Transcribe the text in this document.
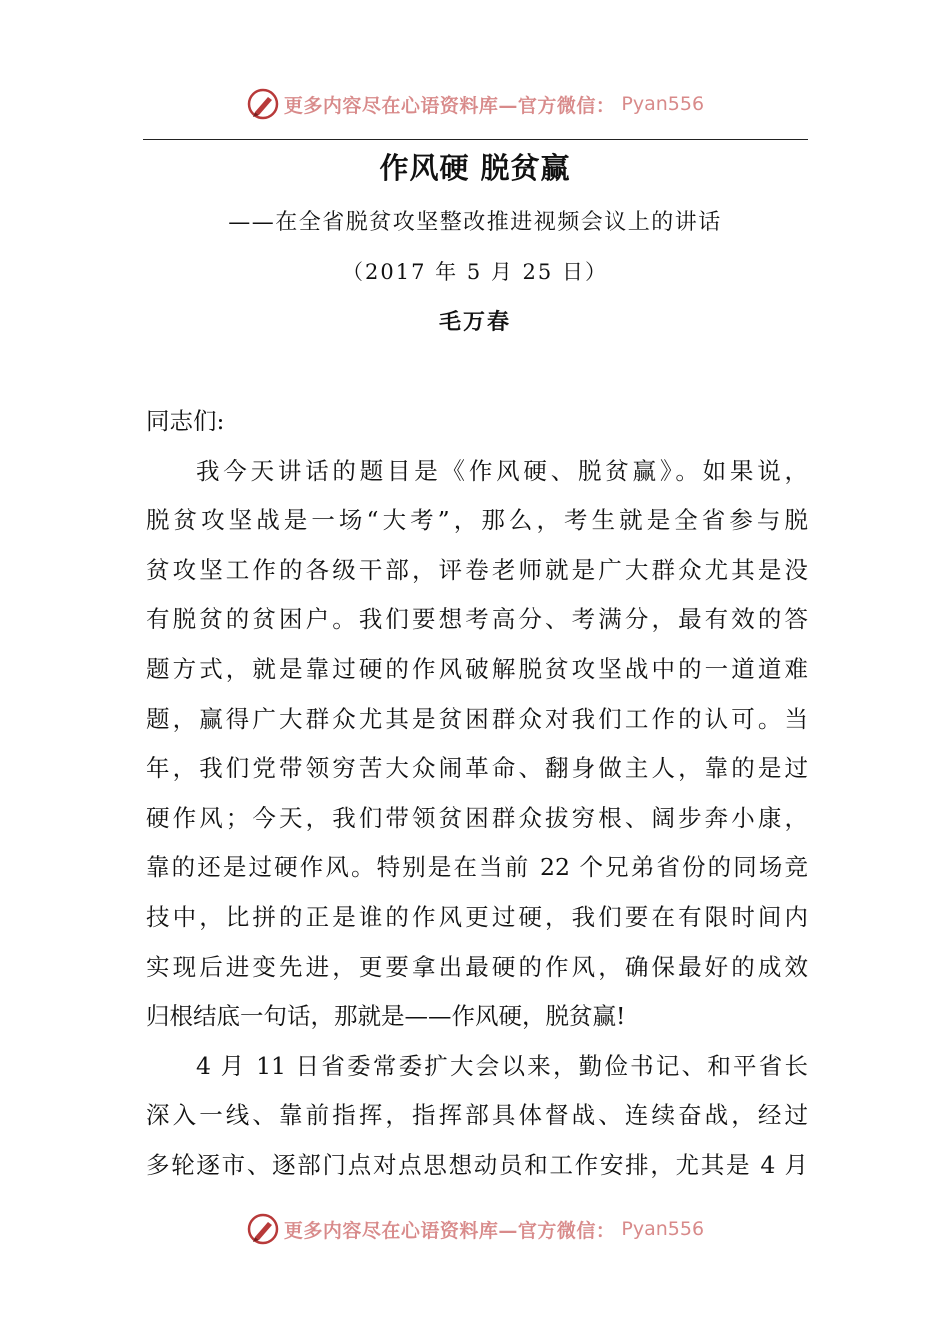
更多内容尽在心语资料库—官方微信： Pyan556
作风硬 脱贫赢
——在全省脱贫攻坚整改推进视频会议上的讲话
（2017 年 5 月 25 日）
毛万春
同志们:
我今天讲话的题目是《作风硬、脱贫赢》。如果说，
脱贫攻坚战是一场“大考”，那么，考生就是全省参与脱
贫攻坚工作的各级干部，评卷老师就是广大群众尤其是没
有脱贫的贫困户。我们要想考高分、考满分，最有效的答
题方式，就是靠过硬的作风破解脱贫攻坚战中的一道道难
题，赢得广大群众尤其是贫困群众对我们工作的认可。当
年，我们党带领穷苦大众闹革命、翻身做主人，靠的是过
硬作风；今天，我们带领贫困群众拔穷根、阔步奔小康，
靠的还是过硬作风。特别是在当前 22 个兄弟省份的同场竞
技中，比拼的正是谁的作风更过硬，我们要在有限时间内
实现后进变先进，更要拿出最硬的作风，确保最好的成效
归根结底一句话，那就是——作风硬，脱贫赢!
4 月 11 日省委常委扩大会以来，勤俭书记、和平省长
深入一线、靠前指挥，指挥部具体督战、连续奋战，经过
多轮逐市、逐部门点对点思想动员和工作安排，尤其是 4 月
更多内容尽在心语资料库—官方微信： Pyan556
